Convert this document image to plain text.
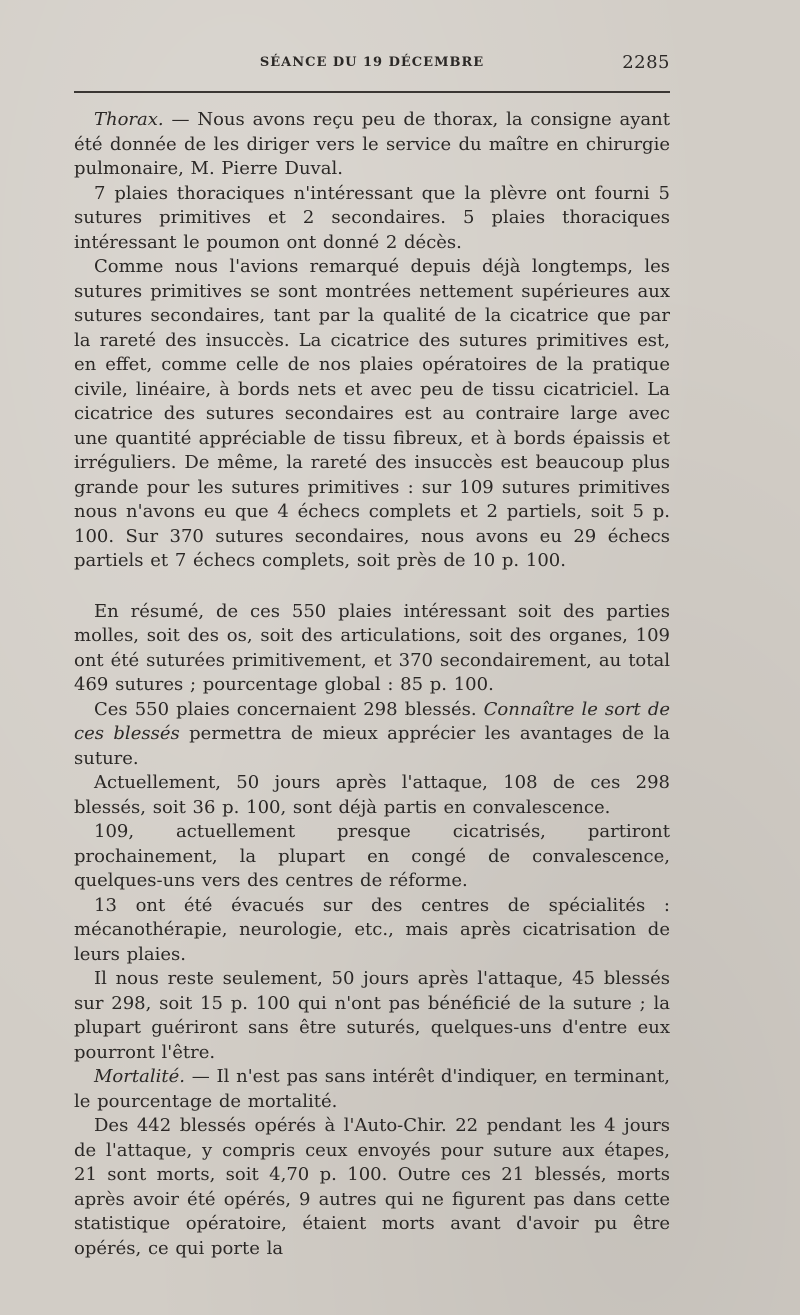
SÉANCE DU 19 DÉCEMBRE	2285

Thorax. — Nous avons reçu peu de thorax, la consigne ayant été donnée de les diriger vers le service du maître en chirurgie pulmonaire, M. Pierre Duval.

7 plaies thoraciques n'intéressant que la plèvre ont fourni 5 sutures primitives et 2 secondaires. 5 plaies thoraciques intéressant le poumon ont donné 2 décès.

Comme nous l'avions remarqué depuis déjà longtemps, les sutures primitives se sont montrées nettement supérieures aux sutures secondaires, tant par la qualité de la cicatrice que par la rareté des insuccès. La cicatrice des sutures primitives est, en effet, comme celle de nos plaies opératoires de la pratique civile, linéaire, à bords nets et avec peu de tissu cicatriciel. La cicatrice des sutures secondaires est au contraire large avec une quantité appréciable de tissu fibreux, et à bords épaissis et irréguliers. De même, la rareté des insuccès est beaucoup plus grande pour les sutures primitives : sur 109 sutures primitives nous n'avons eu que 4 échecs complets et 2 partiels, soit 5 p. 100. Sur 370 sutures secondaires, nous avons eu 29 échecs partiels et 7 échecs complets, soit près de 10 p. 100.

En résumé, de ces 550 plaies intéressant soit des parties molles, soit des os, soit des articulations, soit des organes, 109 ont été suturées primitivement, et 370 secondairement, au total 469 sutures ; pourcentage global : 85 p. 100.

Ces 550 plaies concernaient 298 blessés. Connaître le sort de ces blessés permettra de mieux apprécier les avantages de la suture.

Actuellement, 50 jours après l'attaque, 108 de ces 298 blessés, soit 36 p. 100, sont déjà partis en convalescence.

109, actuellement presque cicatrisés, partiront prochainement, la plupart en congé de convalescence, quelques-uns vers des centres de réforme.

13 ont été évacués sur des centres de spécialités : mécanothérapie, neurologie, etc., mais après cicatrisation de leurs plaies.

Il nous reste seulement, 50 jours après l'attaque, 45 blessés sur 298, soit 15 p. 100 qui n'ont pas bénéficié de la suture ; la plupart guériront sans être suturés, quelques-uns d'entre eux pourront l'être.

Mortalité. — Il n'est pas sans intérêt d'indiquer, en terminant, le pourcentage de mortalité.

Des 442 blessés opérés à l'Auto-Chir. 22 pendant les 4 jours de l'attaque, y compris ceux envoyés pour suture aux étapes, 21 sont morts, soit 4,70 p. 100. Outre ces 21 blessés, morts après avoir été opérés, 9 autres qui ne figurent pas dans cette statistique opératoire, étaient morts avant d'avoir pu être opérés, ce qui porte la
